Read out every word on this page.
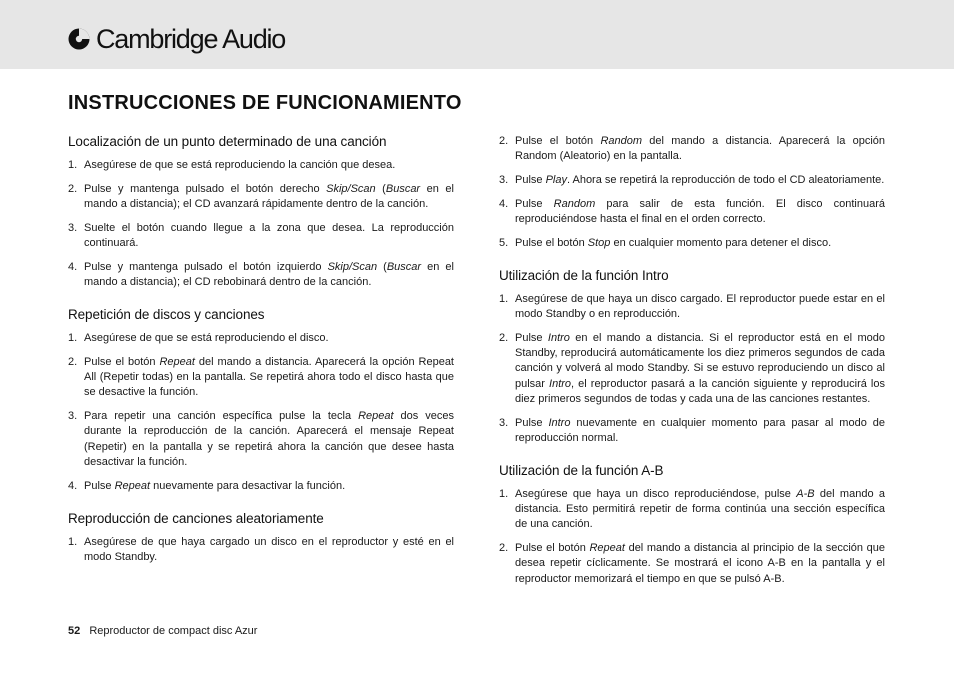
Cambridge Audio
INSTRUCCIONES DE FUNCIONAMIENTO
Localización de un punto determinado de una canción
1. Asegúrese de que se está reproduciendo la canción que desea.
2. Pulse y mantenga pulsado el botón derecho Skip/Scan (Buscar en el mando a distancia); el CD avanzará rápidamente dentro de la canción.
3. Suelte el botón cuando llegue a la zona que desea. La reproducción continuará.
4. Pulse y mantenga pulsado el botón izquierdo Skip/Scan (Buscar en el mando a distancia); el CD rebobinará dentro de la canción.
Repetición de discos y canciones
1. Asegúrese de que se está reproduciendo el disco.
2. Pulse el botón Repeat del mando a distancia. Aparecerá la opción Repeat All (Repetir todas) en la pantalla. Se repetirá ahora todo el disco hasta que se desactive la función.
3. Para repetir una canción específica pulse la tecla Repeat dos veces durante la reproducción de la canción. Aparecerá el mensaje Repeat (Repetir) en la pantalla y se repetirá ahora la canción que desee hasta desactivar la función.
4. Pulse Repeat nuevamente para desactivar la función.
Reproducción de canciones aleatoriamente
1. Asegúrese de que haya cargado un disco en el reproductor y esté en el modo Standby.
2. Pulse el botón Random del mando a distancia. Aparecerá la opción Random (Aleatorio) en la pantalla.
3. Pulse Play. Ahora se repetirá la reproducción de todo el CD aleatoriamente.
4. Pulse Random para salir de esta función. El disco continuará reproduciéndose hasta el final en el orden correcto.
5. Pulse el botón Stop en cualquier momento para detener el disco.
Utilización de la función Intro
1. Asegúrese de que haya un disco cargado. El reproductor puede estar en el modo Standby o en reproducción.
2. Pulse Intro en el mando a distancia. Si el reproductor está en el modo Standby, reproducirá automáticamente los diez primeros segundos de cada canción y volverá al modo Standby. Si se estuvo reproduciendo un disco al pulsar Intro, el reproductor pasará a la canción siguiente y reproducirá los diez primeros segundos de todas y cada una de las canciones restantes.
3. Pulse Intro nuevamente en cualquier momento para pasar al modo de reproducción normal.
Utilización de la función A-B
1. Asegúrese que haya un disco reproduciéndose, pulse A-B del mando a distancia. Esto permitirá repetir de forma continúa una sección específica de una canción.
2. Pulse el botón Repeat del mando a distancia al principio de la sección que desea repetir cíclicamente. Se mostrará el icono A-B en la pantalla y el reproductor memorizará el tiempo en que se pulsó A-B.
52 Reproductor de compact disc Azur
